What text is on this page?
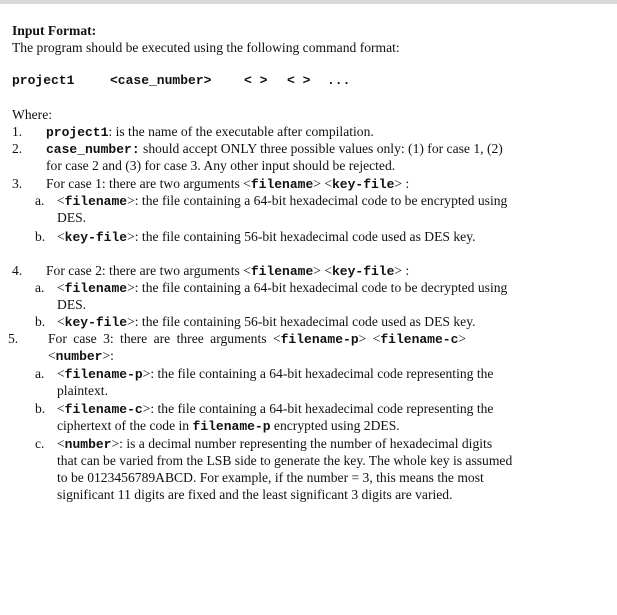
Input Format:
The program should be executed using the following command format:
project1	<case_number>	< > < > ...
Where:
1. project1: is the name of the executable after compilation.
2. case_number: should accept ONLY three possible values only: (1) for case 1, (2)
for case 2 and (3) for case 3. Any other input should be rejected.
3. For case 1: there are two arguments <filename> <key-file> :
a. <filename>: the file containing a 64-bit hexadecimal code to be encrypted using
DES.
b. <key-file>: the file containing 56-bit hexadecimal code used as DES key.
4. For case 2: there are two arguments <filename> <key-file> :
a. <filename>: the file containing a 64-bit hexadecimal code to be decrypted using
DES.
b. <key-file>: the file containing 56-bit hexadecimal code used as DES key.
5. For case 3: there are three arguments <filename-p> <filename-c>
<number>:
a. <filename-p>: the file containing a 64-bit hexadecimal code representing the
plaintext.
b. <filename-c>: the file containing a 64-bit hexadecimal code representing the
ciphertext of the code in filename-p encrypted using 2DES.
c. <number>: is a decimal number representing the number of hexadecimal digits
that can be varied from the LSB side to generate the key. The whole key is assumed
to be 0123456789ABCD. For example, if the number = 3, this means the most
significant 11 digits are fixed and the least significant 3 digits are varied.
